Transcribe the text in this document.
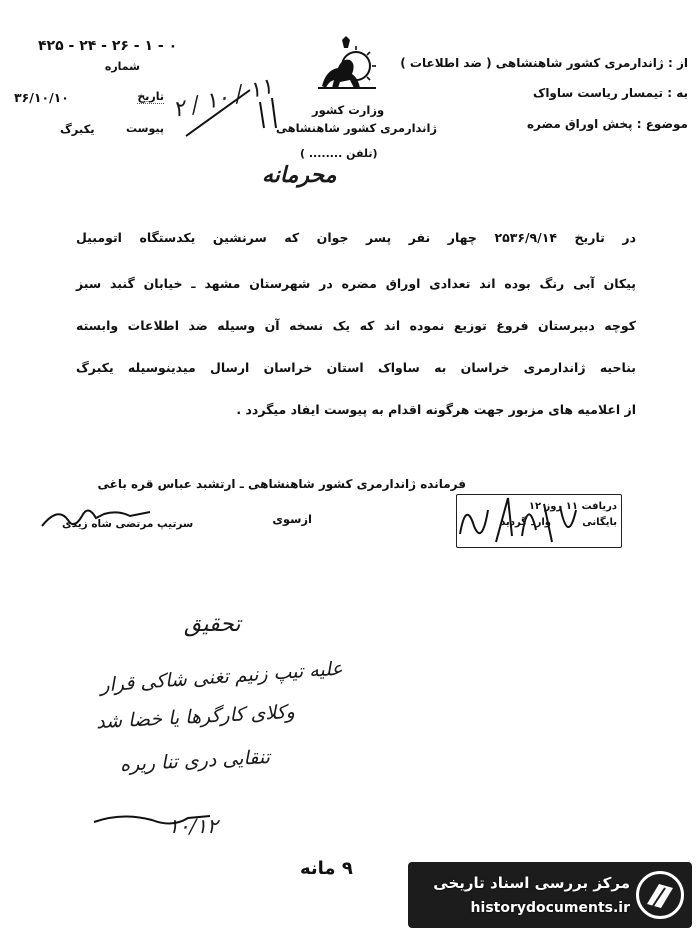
از : ژاندارمری کشور شاهنشاهی ( ضد اطلاعات )
به : تیمسار ریاست ساواک
موضوع : پخش اوراق مضره
وزارت کشور
ژاندارمری کشور شاهنشاهی
(تلفن ........ )
۴۲۵ - ۲۴ - ۲۶ - ۱ - ۰
شماره
تاریخ
۳۶/۱۰/۱۰
پیوست
یکبرگ
۲ / ۱۰ / ۱۱
محرمانه
در تاریخ ۲۵۳۶/۹/۱۴ چهار نفر پسر جوان که سرنشین یکدستگاه اتومبیل
پیکان آبی رنگ بوده اند تعدادی اوراق مضره در شهرستان مشهد ـ خیابان گنبد سبز
کوچه دبیرستان فروغ توزیع نموده اند که یک نسخه آن وسیله ضد اطلاعات وابسته
بناحیه ژاندارمری خراسان به ساواک استان خراسان ارسال میدینوسیله یکبرگ
از اعلامیه های مزبور جهت هرگونه اقدام به پیوست ایفاد میگردد .
فرمانده ژاندارمری کشور شاهنشاهی ـ ارتشبد عباس قره باغی
ازسوی
سرتیپ مرتضی شاه زیدی
دریافت ۱۱ روز ۱۲
بایگانی
وارد گردید
تحقیق
علیه تیپ زنیم تغنی شاکی قرار
وکلای کارگرها یا خضا شد
تنقایی دری تنا ریره
۱۰/۱۲
۹ مانه
مرکز بررسی اسناد تاریخی
historydocuments.ir
